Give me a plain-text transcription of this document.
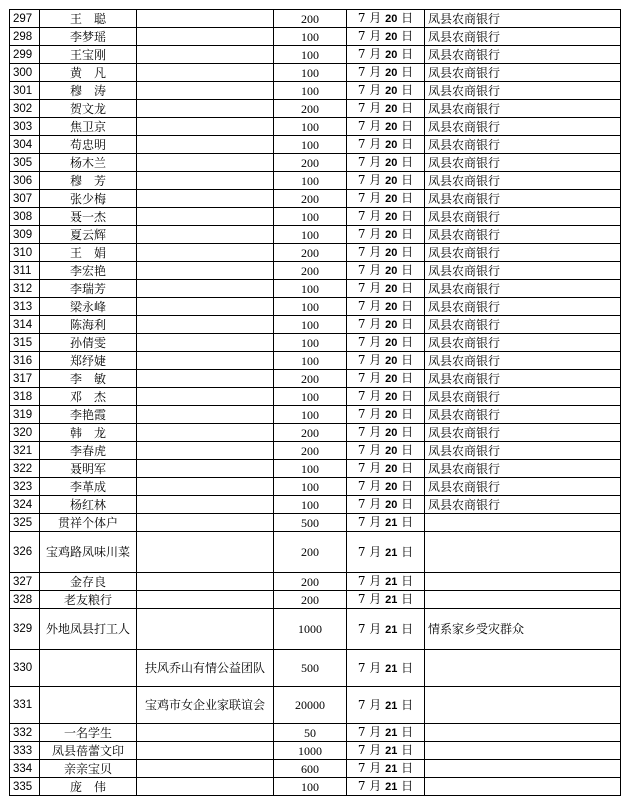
297	王　聪		200	7 月 20 日	凤县农商银行
298	李梦瑶		100	7 月 20 日	凤县农商银行
299	王宝刚		100	7 月 20 日	凤县农商银行
300	黄　凡		100	7 月 20 日	凤县农商银行
301	穆　涛		100	7 月 20 日	凤县农商银行
302	贺文龙		200	7 月 20 日	凤县农商银行
303	焦卫京		100	7 月 20 日	凤县农商银行
304	苟忠明		100	7 月 20 日	凤县农商银行
305	杨木兰		200	7 月 20 日	凤县农商银行
306	穆　芳		100	7 月 20 日	凤县农商银行
307	张少梅		200	7 月 20 日	凤县农商银行
308	聂一杰		100	7 月 20 日	凤县农商银行
309	夏云辉		100	7 月 20 日	凤县农商银行
310	王　娟		200	7 月 20 日	凤县农商银行
311	李宏艳		200	7 月 20 日	凤县农商银行
312	李瑞芳		100	7 月 20 日	凤县农商银行
313	梁永峰		100	7 月 20 日	凤县农商银行
314	陈海利		100	7 月 20 日	凤县农商银行
315	孙倩雯		100	7 月 20 日	凤县农商银行
316	郑纾婕		100	7 月 20 日	凤县农商银行
317	李　敏		200	7 月 20 日	凤县农商银行
318	邓　杰		100	7 月 20 日	凤县农商银行
319	李艳霞		100	7 月 20 日	凤县农商银行
320	韩　龙		200	7 月 20 日	凤县农商银行
321	李春虎		200	7 月 20 日	凤县农商银行
322	聂明军		100	7 月 20 日	凤县农商银行
323	李革成		100	7 月 20 日	凤县农商银行
324	杨红林		100	7 月 20 日	凤县农商银行
325	贯祥个体户		500	7 月 21 日	
326	宝鸡路凤味川菜		200	7 月 21 日	
327	金存良		200	7 月 21 日	
328	老友粮行		200	7 月 21 日	
329	外地凤县打工人		1000	7 月 21 日	情系家乡受灾群众
330		扶风乔山有情公益团队	500	7 月 21 日	
331		宝鸡市女企业家联谊会	20000	7 月 21 日	
332	一名学生		50	7 月 21 日	
333	凤县蓓蕾文印		1000	7 月 21 日	
334	亲亲宝贝		600	7 月 21 日	
335	庞　伟		100	7 月 21 日	
